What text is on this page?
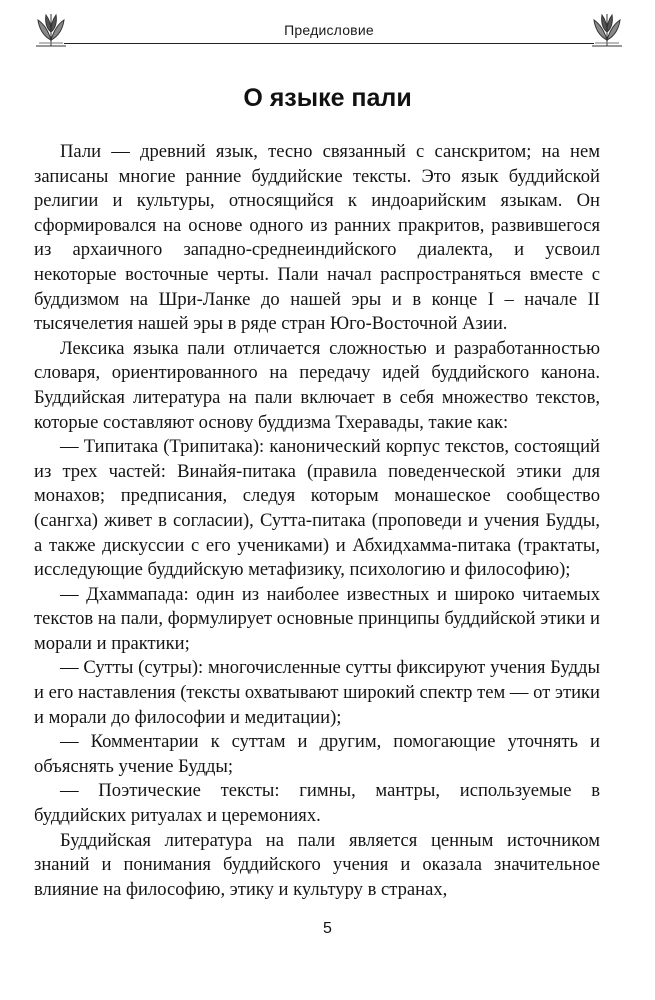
Предисловие
О языке пали

Пали — древний язык, тесно связанный с санскритом; на нем записаны многие ранние буддийские тексты. Это язык буддийской религии и культуры, относящийся к индоарийским языкам. Он сформировался на основе одного из ранних пракритов, развившегося из архаичного западно-среднеиндийского диалекта, и усвоил некоторые восточные черты. Пали начал распространяться вместе с буддизмом на Шри-Ланке до нашей эры и в конце I – начале II тысячелетия нашей эры в ряде стран Юго-Восточной Азии.

Лексика языка пали отличается сложностью и разработанностью словаря, ориентированного на передачу идей буддийского канона. Буддийская литература на пали включает в себя множество текстов, которые составляют основу буддизма Тхеравады, такие как:

— Типитака (Трипитака): канонический корпус текстов, состоящий из трех частей: Винайя-питака (правила поведенческой этики для монахов; предписания, следуя которым монашеское сообщество (сангха) живет в согласии), Сутта-питака (проповеди и учения Будды, а также дискуссии с его учениками) и Абхидхамма-питака (трактаты, исследующие буддийскую метафизику, психологию и философию);

— Дхаммапада: один из наиболее известных и широко читаемых текстов на пали, формулирует основные принципы буддийской этики и морали и практики;

— Сутты (сутры): многочисленные сутты фиксируют учения Будды и его наставления (тексты охватывают широкий спектр тем — от этики и морали до философии и медитации);

— Комментарии к суттам и другим, помогающие уточнять и объяснять учение Будды;

— Поэтические тексты: гимны, мантры, используемые в буддийских ритуалах и церемониях.

Буддийская литература на пали является ценным источником знаний и понимания буддийского учения и оказала значительное влияние на философию, этику и культуру в странах,

5
